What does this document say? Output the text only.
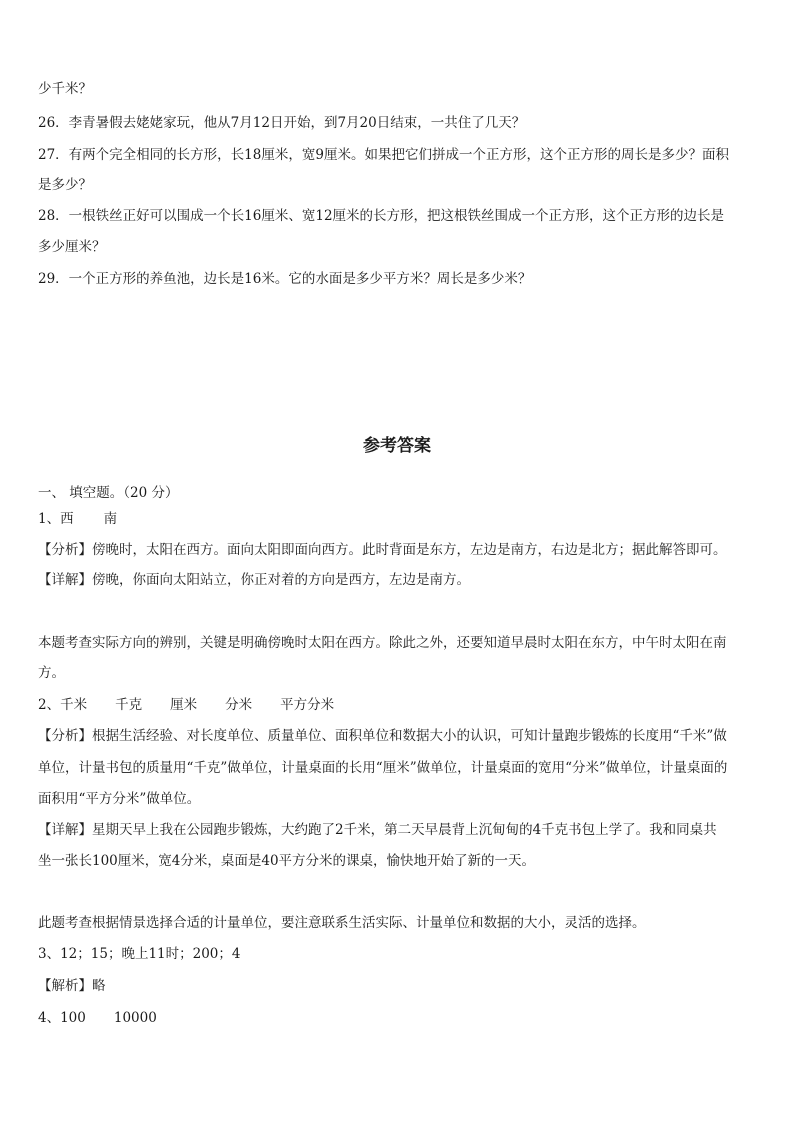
少千米？
26．李青暑假去姥姥家玩，他从7月12日开始，到7月20日结束，一共住了几天？
27．有两个完全相同的长方形，长18厘米，宽9厘米。如果把它们拼成一个正方形，这个正方形的周长是多少？面积
是多少？
28．一根铁丝正好可以围成一个长16厘米、宽12厘米的长方形，把这根铁丝围成一个正方形，这个正方形的边长是
多少厘米？
29．一个正方形的养鱼池，边长是16米。它的水面是多少平方米？周长是多少米？
参考答案
一、 填空题。（20 分）
1、西 南
【分析】傍晚时，太阳在西方。面向太阳即面向西方。此时背面是东方，左边是南方，右边是北方；据此解答即可。
【详解】傍晚，你面向太阳站立，你正对着的方向是西方，左边是南方。
本题考查实际方向的辨别，关键是明确傍晚时太阳在西方。除此之外，还要知道早晨时太阳在东方，中午时太阳在南
方。
2、千米 千克 厘米 分米 平方分米
【分析】根据生活经验、对长度单位、质量单位、面积单位和数据大小的认识，可知计量跑步锻炼的长度用“千米”做
单位，计量书包的质量用“千克”做单位，计量桌面的长用“厘米”做单位，计量桌面的宽用“分米”做单位，计量桌面的
面积用“平方分米”做单位。
【详解】星期天早上我在公园跑步锻炼，大约跑了2千米，第二天早晨背上沉甸甸的4千克书包上学了。我和同桌共
坐一张长100厘米，宽4分米，桌面是40平方分米的课桌，愉快地开始了新的一天。
此题考查根据情景选择合适的计量单位，要注意联系生活实际、计量单位和数据的大小，灵活的选择。
3、12；15；晚上11时；200；4
【解析】略
4、100 10000
